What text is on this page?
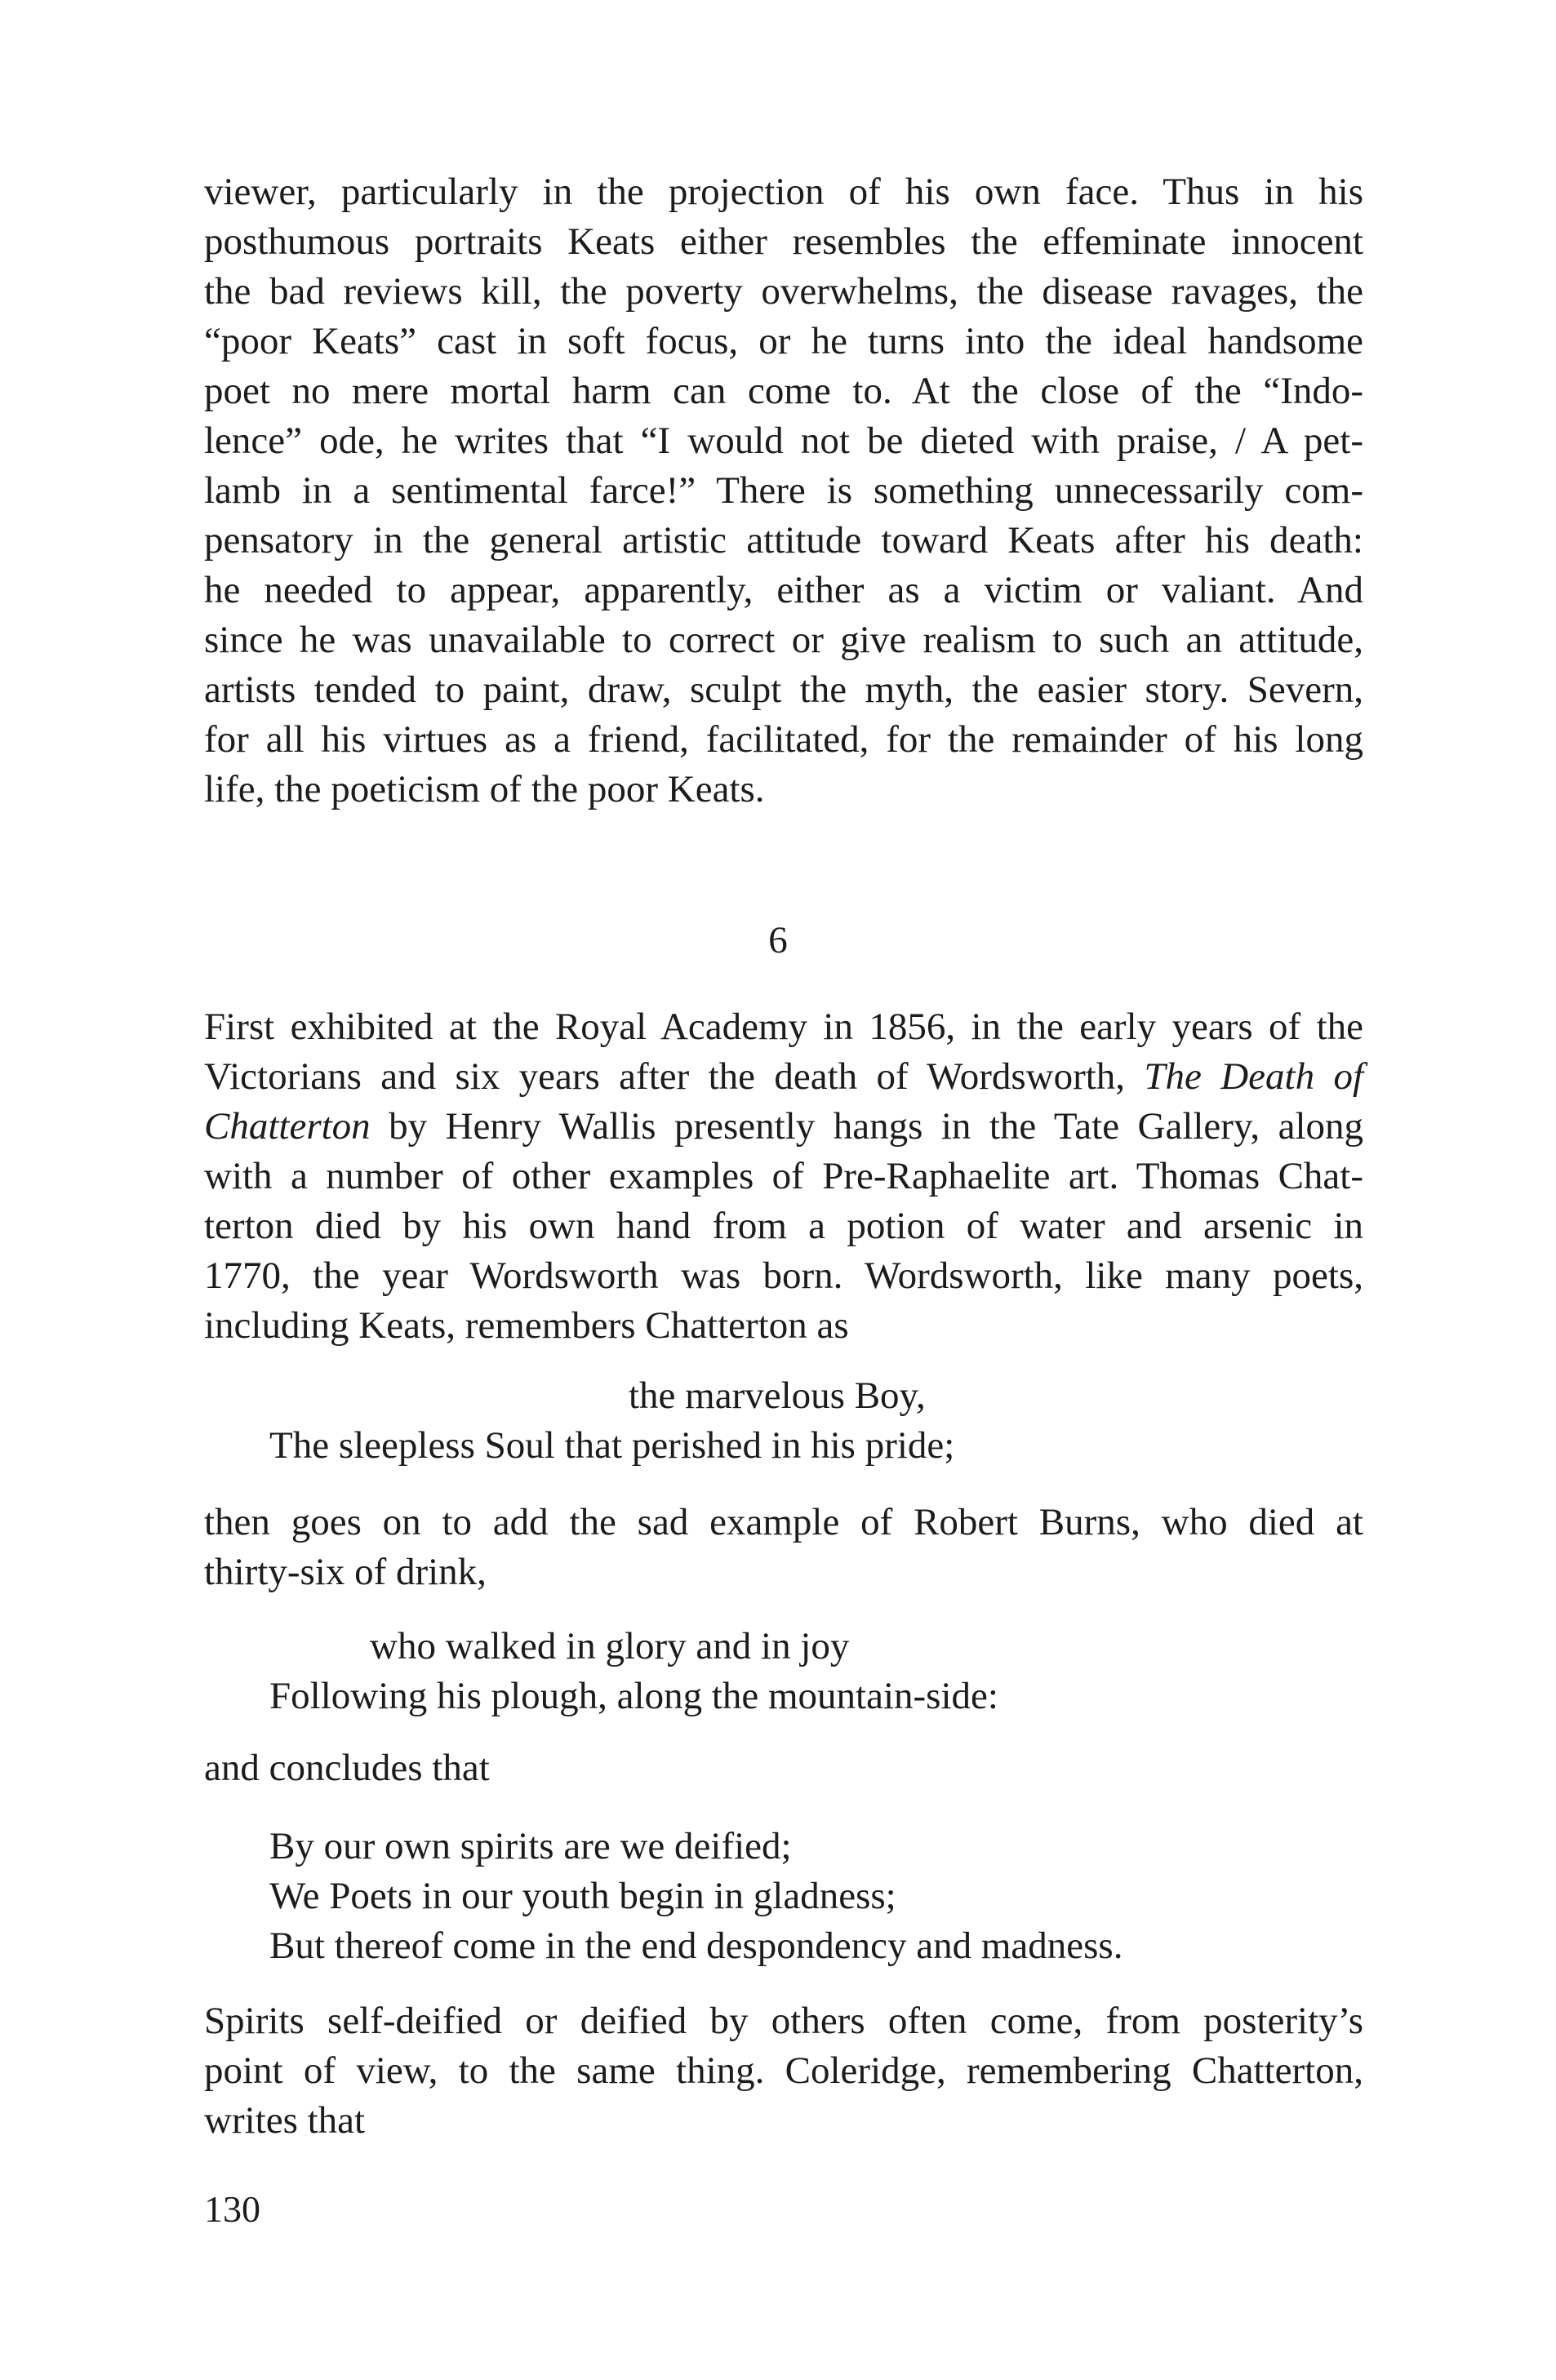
viewer, particularly in the projection of his own face. Thus in his
posthumous portraits Keats either resembles the effeminate innocent
the bad reviews kill, the poverty overwhelms, the disease ravages, the
“poor Keats” cast in soft focus, or he turns into the ideal handsome
poet no mere mortal harm can come to. At the close of the “Indo-
lence” ode, he writes that “I would not be dieted with praise, / A pet-
lamb in a sentimental farce!” There is something unnecessarily com-
pensatory in the general artistic attitude toward Keats after his death:
he needed to appear, apparently, either as a victim or valiant. And
since he was unavailable to correct or give realism to such an attitude,
artists tended to paint, draw, sculpt the myth, the easier story. Severn,
for all his virtues as a friend, facilitated, for the remainder of his long
life, the poeticism of the poor Keats.

6

First exhibited at the Royal Academy in 1856, in the early years of the
Victorians and six years after the death of Wordsworth, The Death of
Chatterton by Henry Wallis presently hangs in the Tate Gallery, along
with a number of other examples of Pre-Raphaelite art. Thomas Chat-
terton died by his own hand from a potion of water and arsenic in
1770, the year Wordsworth was born. Wordsworth, like many poets,
including Keats, remembers Chatterton as

the marvelous Boy,
The sleepless Soul that perished in his pride;

then goes on to add the sad example of Robert Burns, who died at
thirty-six of drink,

who walked in glory and in joy
Following his plough, along the mountain-side:

and concludes that

By our own spirits are we deified;
We Poets in our youth begin in gladness;
But thereof come in the end despondency and madness.

Spirits self-deified or deified by others often come, from posterity’s
point of view, to the same thing. Coleridge, remembering Chatterton,
writes that

130
